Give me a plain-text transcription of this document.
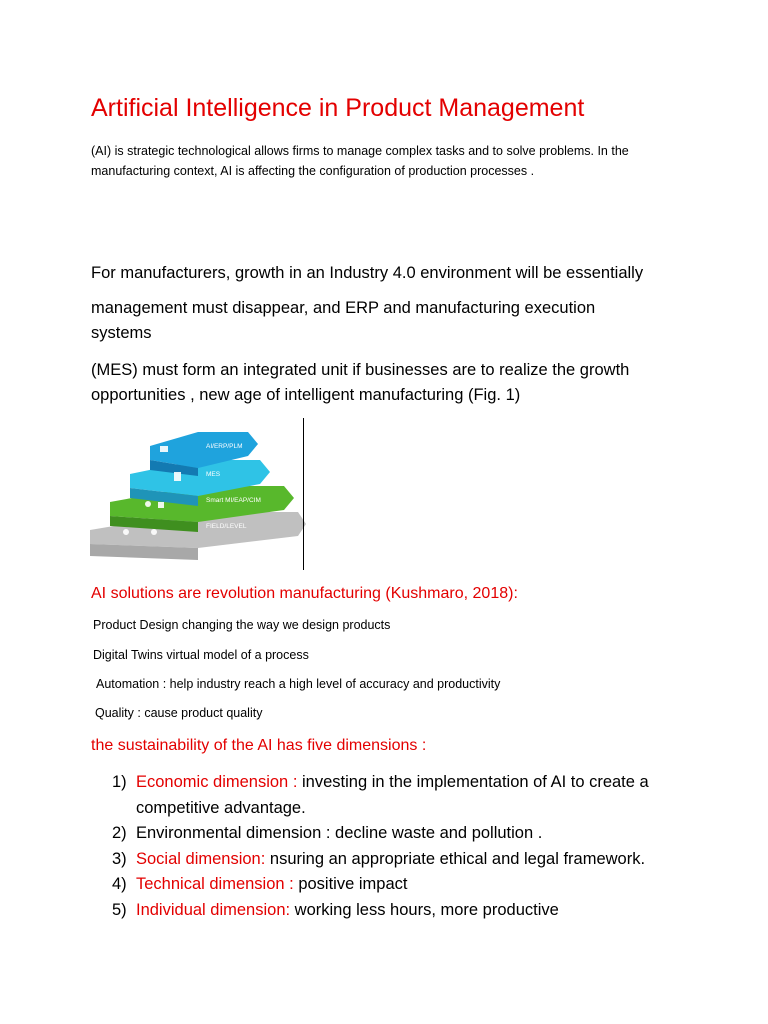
Artificial Intelligence in Product Management
(AI) is strategic technological allows firms to manage complex tasks and to solve problems. In the manufacturing context, AI is affecting the configuration of production processes .
For manufacturers, growth in an Industry 4.0 environment will be essentially
management must disappear, and ERP and manufacturing execution
systems
(MES) must form an integrated unit if businesses are to realize the growth
opportunities , new age of intelligent manufacturing (Fig. 1)
AI/ERP/PLM
MES
Smart MI/EAP/CIM
FIELD/LEVEL
AI solutions are revolution manufacturing (Kushmaro, 2018):
Product Design changing the way we design products
Digital Twins virtual model of a process
Automation : help industry reach a high level of accuracy and productivity
Quality : cause product quality
the sustainability of the AI has five dimensions :
1) Economic dimension : investing in the implementation of AI to create a competitive advantage.
2) Environmental dimension : decline waste and pollution .
3) Social dimension: nsuring an appropriate ethical and legal framework.
4) Technical dimension : positive impact
5) Individual dimension: working less hours, more productive
